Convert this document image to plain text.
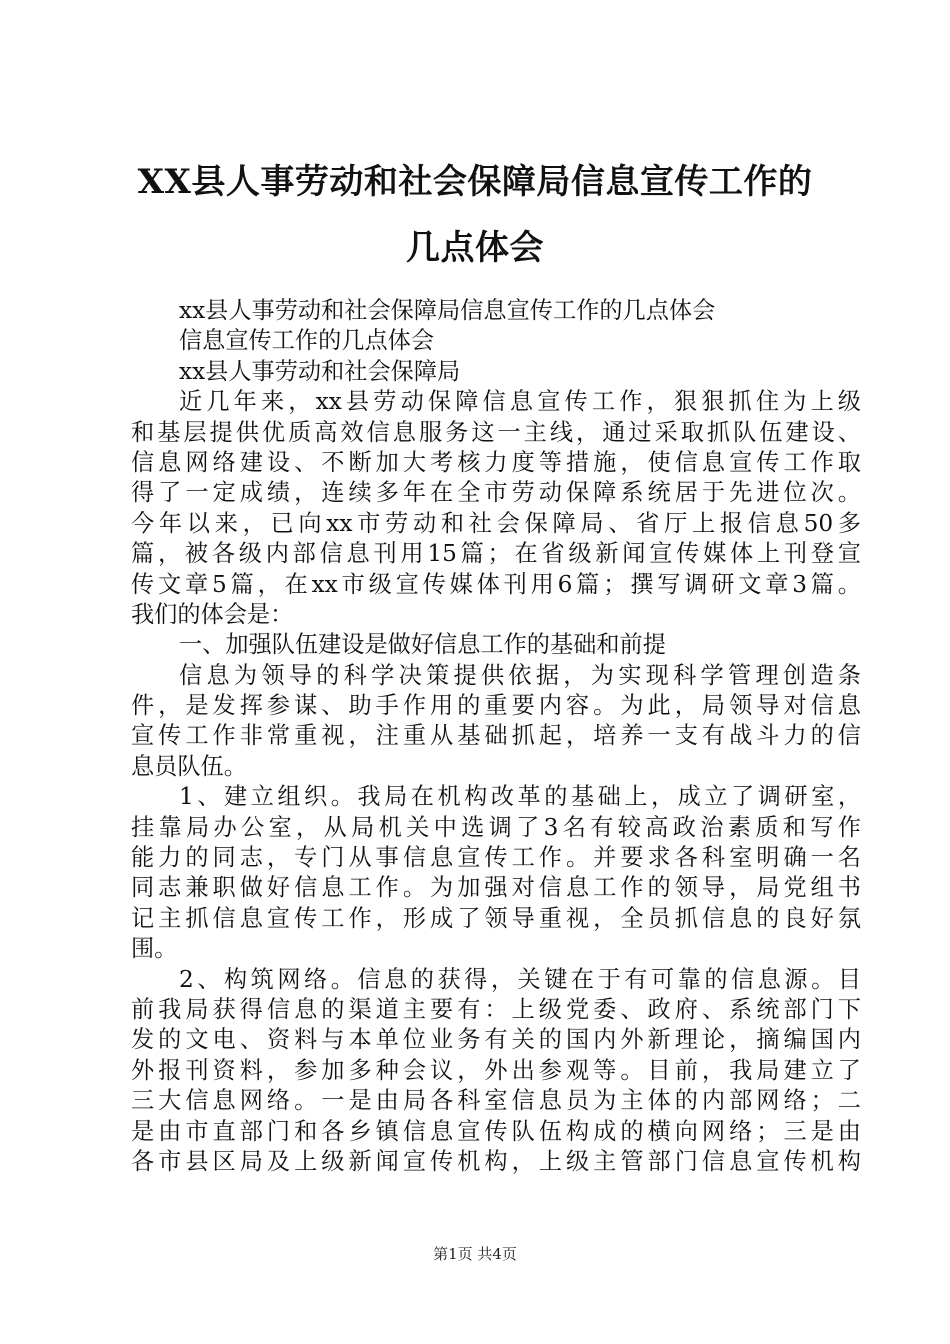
XX县人事劳动和社会保障局信息宣传工作的
几点体会
xx县人事劳动和社会保障局信息宣传工作的几点体会
信息宣传工作的几点体会
xx县人事劳动和社会保障局
近几年来，xx县劳动保障信息宣传工作，狠狠抓住为上级
和基层提供优质高效信息服务这一主线，通过采取抓队伍建设、
信息网络建设、不断加大考核力度等措施，使信息宣传工作取
得了一定成绩，连续多年在全市劳动保障系统居于先进位次。
今年以来，已向xx市劳动和社会保障局、省厅上报信息50多
篇，被各级内部信息刊用15篇；在省级新闻宣传媒体上刊登宣
传文章5篇，在xx市级宣传媒体刊用6篇；撰写调研文章3篇。
我们的体会是：
一、加强队伍建设是做好信息工作的基础和前提
信息为领导的科学决策提供依据，为实现科学管理创造条
件，是发挥参谋、助手作用的重要内容。为此，局领导对信息
宣传工作非常重视，注重从基础抓起，培养一支有战斗力的信
息员队伍。
1、建立组织。我局在机构改革的基础上，成立了调研室，
挂靠局办公室，从局机关中选调了3名有较高政治素质和写作
能力的同志，专门从事信息宣传工作。并要求各科室明确一名
同志兼职做好信息工作。为加强对信息工作的领导，局党组书
记主抓信息宣传工作，形成了领导重视，全员抓信息的良好氛
围。
2、构筑网络。信息的获得，关键在于有可靠的信息源。目
前我局获得信息的渠道主要有：上级党委、政府、系统部门下
发的文电、资料与本单位业务有关的国内外新理论，摘编国内
外报刊资料，参加多种会议，外出参观等。目前，我局建立了
三大信息网络。一是由局各科室信息员为主体的内部网络；二
是由市直部门和各乡镇信息宣传队伍构成的横向网络；三是由
各市县区局及上级新闻宣传机构，上级主管部门信息宣传机构
第1页 共4页
